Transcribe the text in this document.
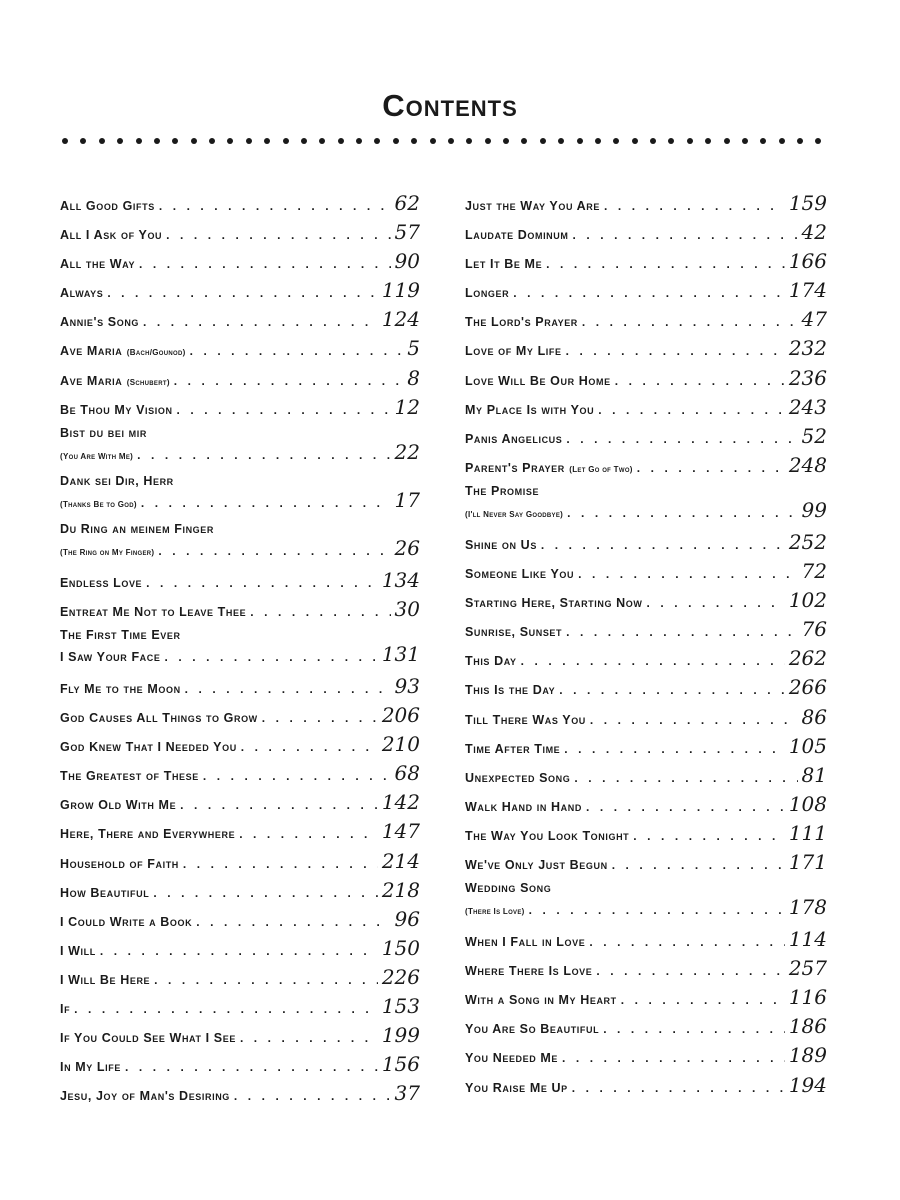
Contents
All Good Gifts . . .	62
All I Ask of You . . .	57
All the Way . . .	90
Always . . .	119
Annie's Song . . .	124
Ave Maria
(Bach/Gounod) . . .	5
Ave Maria
(Schubert) . . .	8
Be Thou My Vision . . .	12
Bist du bei mir
(You Are With Me) . . .	22
Dank sei Dir, Herr
(Thanks Be to God) . . .	17
Du Ring an meinem Finger
(The Ring on My Finger) . . .	26
Endless Love . . .	134
Entreat Me Not to Leave Thee . . .	30
The First Time Ever
I Saw Your Face . . .	131
Fly Me to the Moon . . .	93
God Causes All Things to Grow . . .	206
God Knew That I Needed You . . .	210
The Greatest of These . . .	68
Grow Old With Me . . .	142
Here, There and Everywhere . . .	147
Household of Faith . . .	214
How Beautiful . . .	218
I Could Write a Book . . .	96
I Will . . .	150
I Will Be Here . . .	226
If . . .	153
If You Could See What I See . . .	199
In My Life . . .	156
Jesu, Joy of Man's Desiring . . .	37
Just the Way You Are . . .	159
Laudate Dominum . . .	42
Let It Be Me . . .	166
Longer . . .	174
The Lord's Prayer . . .	47
Love of My Life . . .	232
Love Will Be Our Home . . .	236
My Place Is with You . . .	243
Panis Angelicus . . .	52
Parent's Prayer
(Let Go of Two) . . .	248
The Promise
(I'll Never Say Goodbye) . . .	99
Shine on Us . . .	252
Someone Like You . . .	72
Starting Here, Starting Now . . .	102
Sunrise, Sunset . . .	76
This Day . . .	262
This Is the Day . . .	266
Till There Was You . . .	86
Time After Time . . .	105
Unexpected Song . . .	81
Walk Hand in Hand . . .	108
The Way You Look Tonight . . .	111
We've Only Just Begun . . .	171
Wedding Song
(There Is Love) . . .	178
When I Fall in Love . . .	114
Where There Is Love . . .	257
With a Song in My Heart . . .	116
You Are So Beautiful . . .	186
You Needed Me . . .	189
You Raise Me Up . . .	194
